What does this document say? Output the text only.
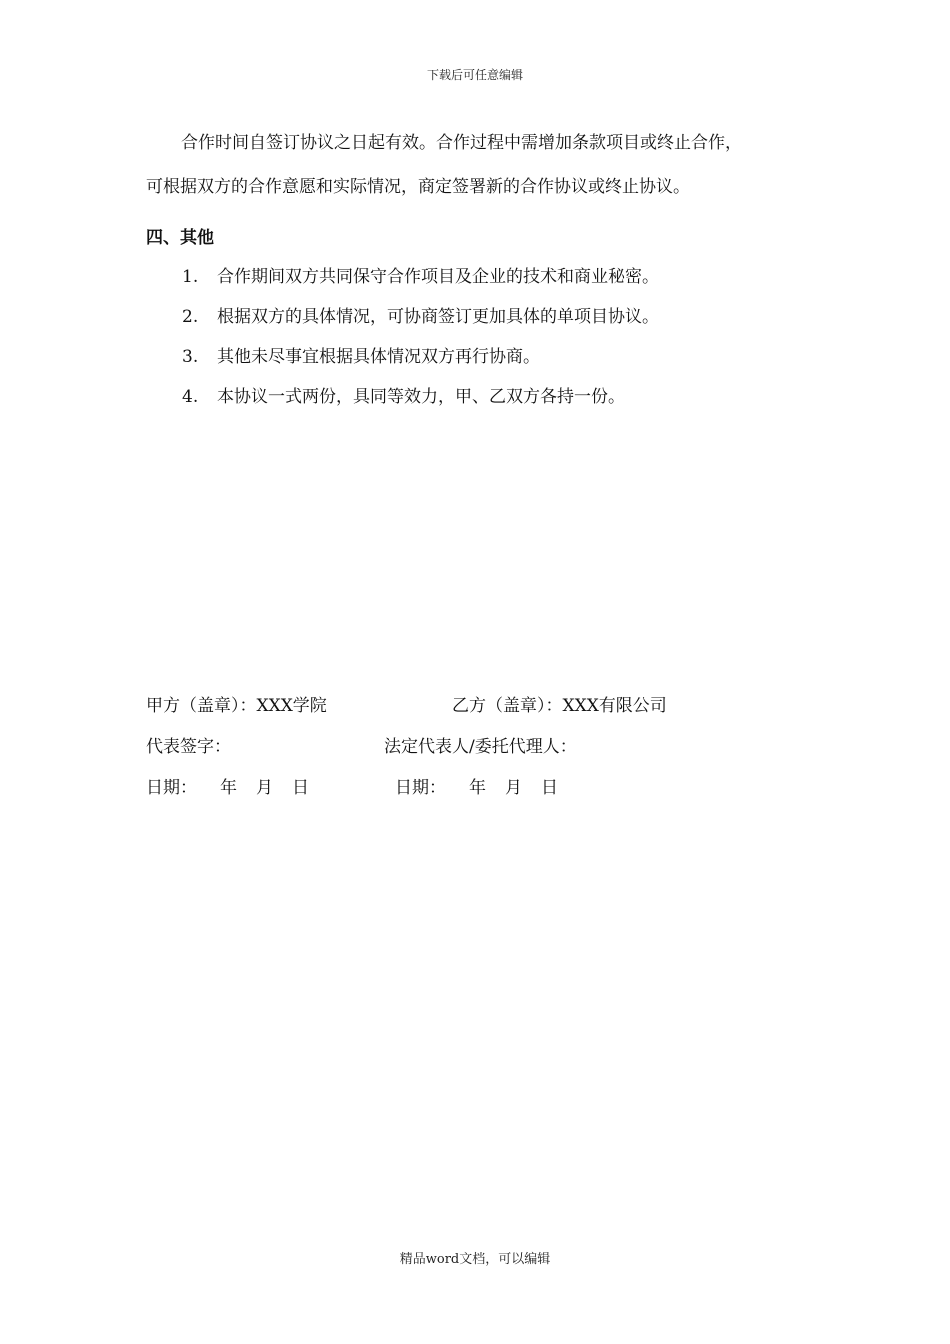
下载后可任意编辑
合作时间自签订协议之日起有效。合作过程中需增加条款项目或终止合作，
可根据双方的合作意愿和实际情况，商定签署新的合作协议或终止协议。
四、其他
1.	合作期间双方共同保守合作项目及企业的技术和商业秘密。
2.	根据双方的具体情况，可协商签订更加具体的单项目协议。
3.	其他未尽事宜根据具体情况双方再行协商。
4.	本协议一式两份，具同等效力，甲、乙双方各持一份。
甲方（盖章）：XXX学院	乙方（盖章）：XXX有限公司
代表签字：	法定代表人/委托代理人：
日期： 年 月 日	日期： 年 月 日
精品word文档，可以编辑
